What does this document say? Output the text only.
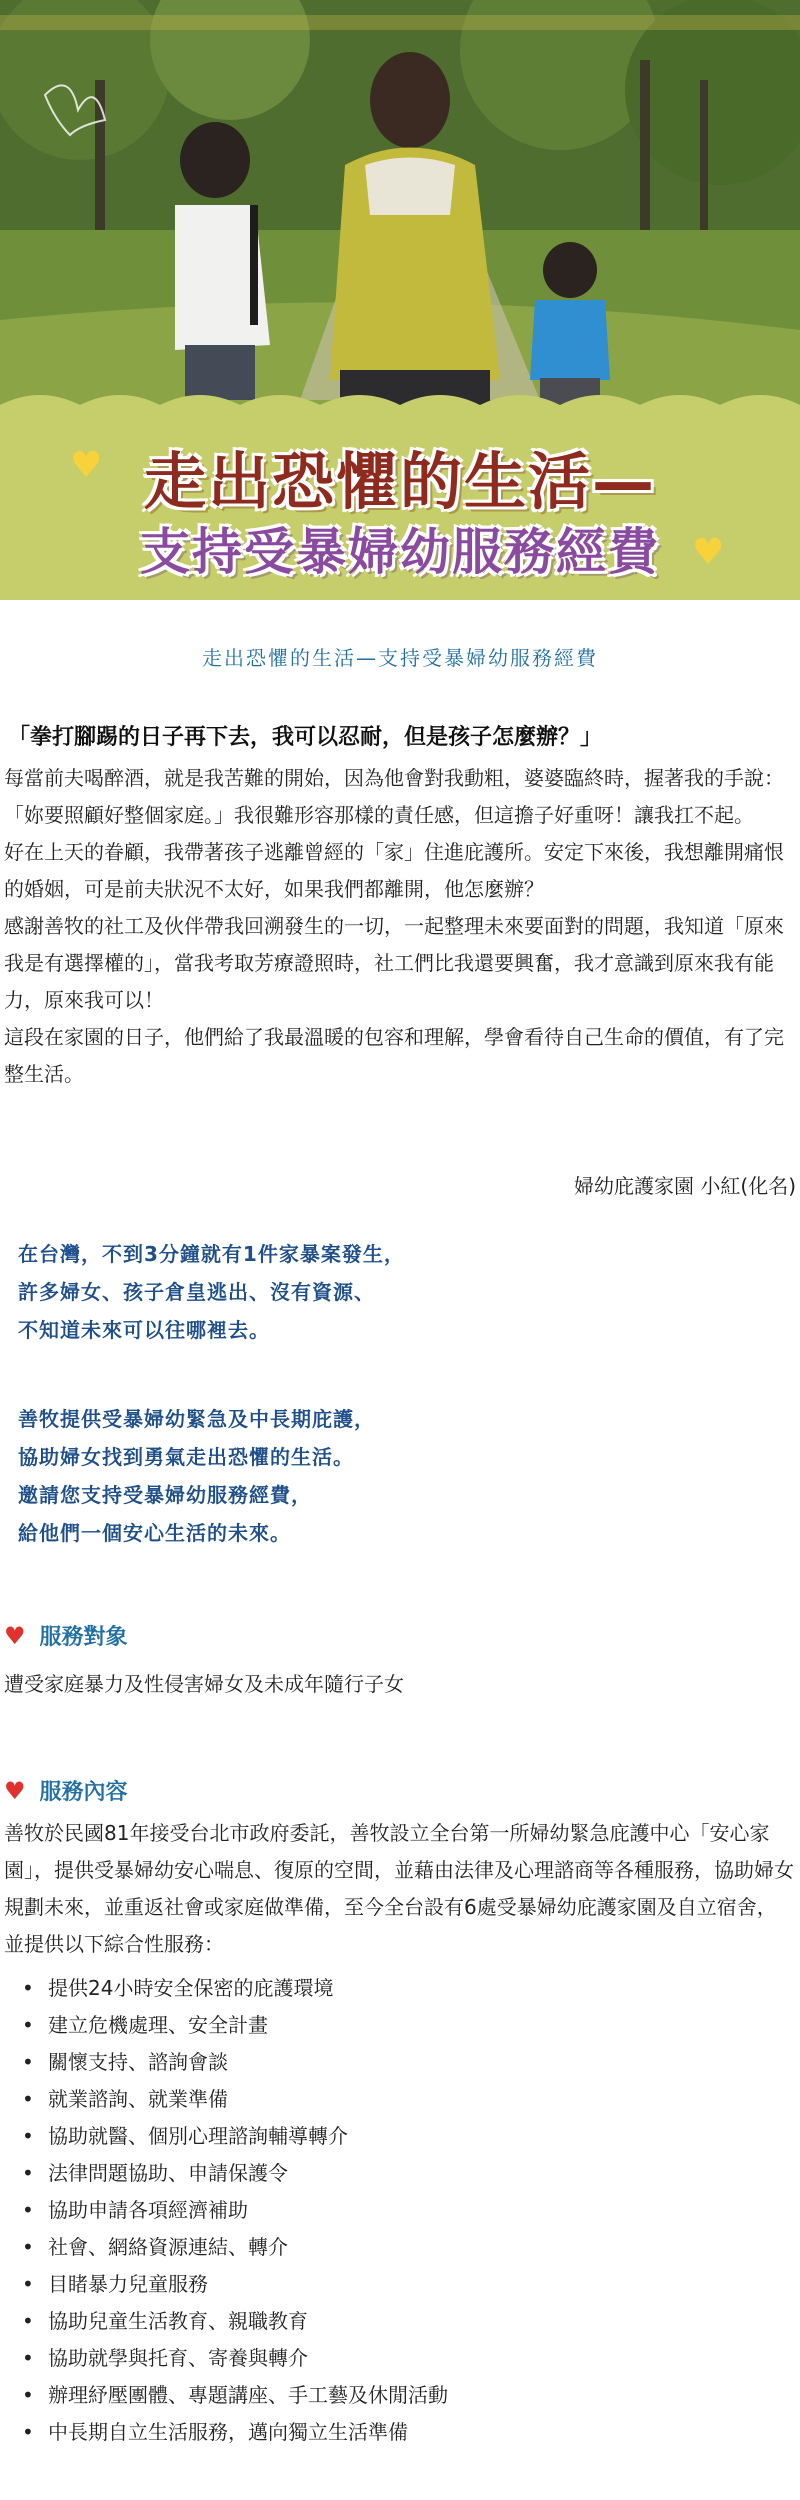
♥ 走出恐懼的生活—
支持受暴婦幼服務經費 ♥
走出恐懼的生活—支持受暴婦幼服務經費
「拳打腳踢的日子再下去，我可以忍耐，但是孩子怎麼辦？」

每當前夫喝醉酒，就是我苦難的開始，因為他會對我動粗，婆婆臨終時，握著我的手說：「妳要照顧好整個家庭。」我很難形容那樣的責任感，但這擔子好重呀！讓我扛不起。

好在上天的眷顧，我帶著孩子逃離曾經的「家」住進庇護所。安定下來後，我想離開痛恨的婚姻，可是前夫狀況不太好，如果我們都離開，他怎麼辦？

感謝善牧的社工及伙伴帶我回溯發生的一切，一起整理未來要面對的問題，我知道「原來我是有選擇權的」，當我考取芳療證照時，社工們比我還要興奮，我才意識到原來我有能力，原來我可以！

這段在家園的日子，他們給了我最溫暖的包容和理解，學會看待自己生命的價值，有了完整生活。

婦幼庇護家園 小紅(化名)
在台灣，不到3分鐘就有1件家暴案發生，
許多婦女、孩子倉皇逃出、沒有資源、
不知道未來可以往哪裡去。
善牧提供受暴婦幼緊急及中長期庇護，
協助婦女找到勇氣走出恐懼的生活。
邀請您支持受暴婦幼服務經費，
給他們一個安心生活的未來。
♥ 服務對象
遭受家庭暴力及性侵害婦女及未成年隨行子女
♥ 服務內容
善牧於民國81年接受台北市政府委託，善牧設立全台第一所婦幼緊急庇護中心「安心家園」，提供受暴婦幼安心喘息、復原的空間，並藉由法律及心理諮商等各種服務，協助婦女規劃未來，並重返社會或家庭做準備，至今全台設有6處受暴婦幼庇護家園及自立宿舍，並提供以下綜合性服務：
• 提供24小時安全保密的庇護環境
• 建立危機處理、安全計畫
• 關懷支持、諮詢會談
• 就業諮詢、就業準備
• 協助就醫、個別心理諮詢輔導轉介
• 法律問題協助、申請保護令
• 協助申請各項經濟補助
• 社會、網絡資源連結、轉介
• 目睹暴力兒童服務
• 協助兒童生活教育、親職教育
• 協助就學與托育、寄養與轉介
• 辦理紓壓團體、專題講座、手工藝及休閒活動
• 中長期自立生活服務，邁向獨立生活準備
